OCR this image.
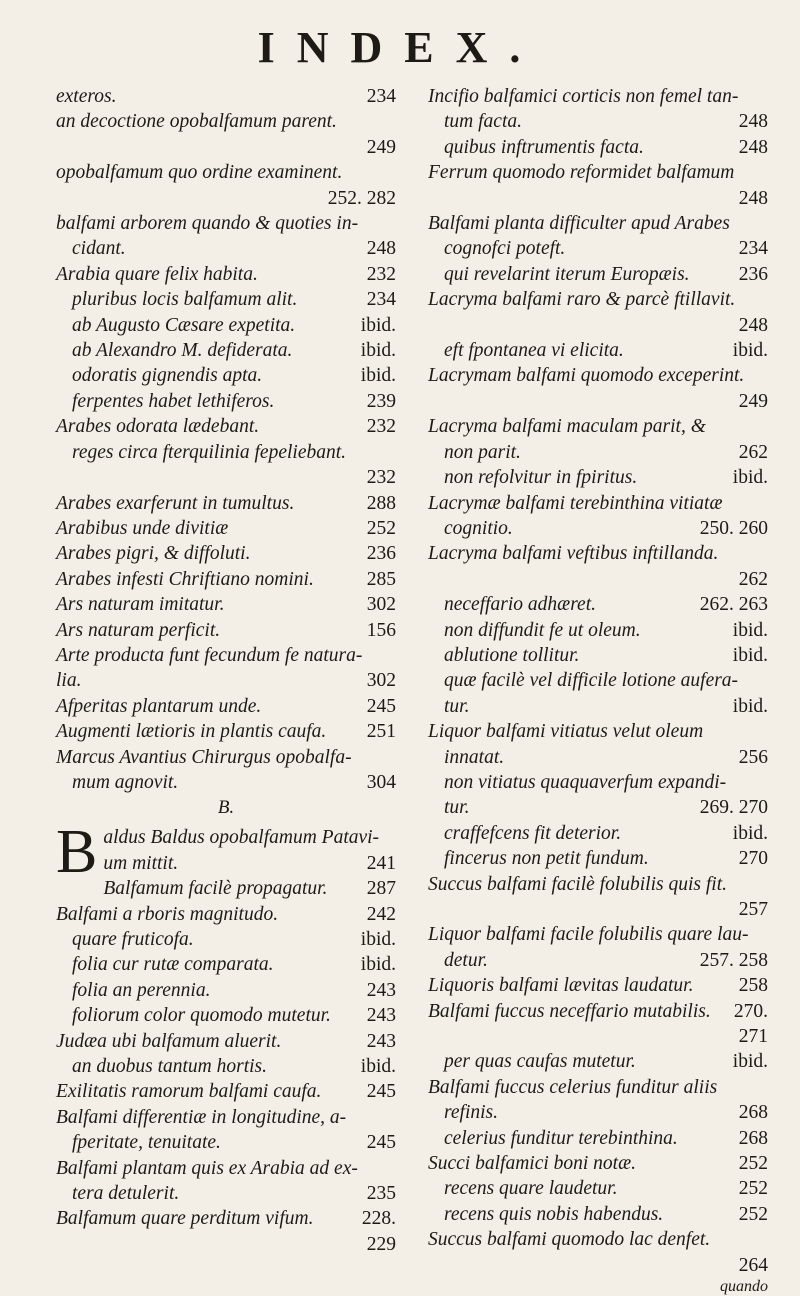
INDEX.
exteros.	234
an decoctione opobalfamum parent.
249
opobalfamum quo ordine examinent.
252. 282
balfami arborem quando & quoties in-
cidant.	248
Arabia quare felix habita.	232
pluribus locis balfamum alit.	234
ab Augusto Cæsare expetita.	ibid.
ab Alexandro M. defiderata.	ibid.
odoratis gignendis apta.	ibid.
ferpentes habet lethiferos.	239
Arabes odorata lædebant.	232
reges circa fterquilinia fepeliebant.
232
Arabes exarferunt in tumultus.	288
Arabibus unde divitiæ	252
Arabes pigri, & diffoluti.	236
Arabes infesti Chriftiano nomini.	285
Ars naturam imitatur.	302
Ars naturam perficit.	156
Arte producta funt fecundum fe natura-
lia.	302
Afperitas plantarum unde.	245
Augmenti lætioris in plantis caufa.	251
Marcus Avantius Chirurgus opobalfa-
mum agnovit.	304
B.
B aldus Baldus opobalfamum Patavi-
um mittit.	241
Balfamum facilè propagatur.	287
Balfami a rboris magnitudo.	242
quare fruticofa.	ibid.
folia cur rutæ comparata.	ibid.
folia an perennia.	243
foliorum color quomodo mutetur.	243
Judæa ubi balfamum aluerit.	243
an duobus tantum hortis.	ibid.
Exilitatis ramorum balfami caufa.	245
Balfami differentiæ in longitudine, a-
fperitate, tenuitate.	245
Balfami plantam quis ex Arabia ad ex-
tera detulerit.	235
Balfamum quare perditum vifum.	228.
229
Incifio balfamici corticis non femel tan-
tum facta.	248
quibus inftrumentis facta.	248
Ferrum quomodo reformidet balfamum
248
Balfami planta difficulter apud Arabes
cognofci poteft.	234
qui revelarint iterum Europæis.	236
Lacryma balfami raro & parcè ftillavit.
248
eft fpontanea vi elicita.	ibid.
Lacrymam balfami quomodo exceperint.
249
Lacryma balfami maculam parit, &
non parit.	262
non refolvitur in fpiritus.	ibid.
Lacrymæ balfami terebinthina vitiatæ
cognitio.	250. 260
Lacryma balfami veftibus inftillanda.
262
neceffario adhæret.	262. 263
non diffundit fe ut oleum.	ibid.
ablutione tollitur.	ibid.
quæ facilè vel difficile lotione aufera-
tur.	ibid.
Liquor balfami vitiatus velut oleum
innatat.	256
non vitiatus quaquaverfum expandi-
tur.	269. 270
craffefcens fit deterior.	ibid.
fincerus non petit fundum.	270
Succus balfami facilè folubilis quis fit.
257
Liquor balfami facile folubilis quare lau-
detur.	257. 258
Liquoris balfami lævitas laudatur.	258
Balfami fuccus neceffario mutabilis.	270.
271
per quas caufas mutetur.	ibid.
Balfami fuccus celerius funditur aliis
refinis.	268
celerius funditur terebinthina.	268
Succi balfamici boni notæ.	252
recens quare laudetur.	252
recens quis nobis habendus.	252
Succus balfami quomodo lac denfet.
264
quando
